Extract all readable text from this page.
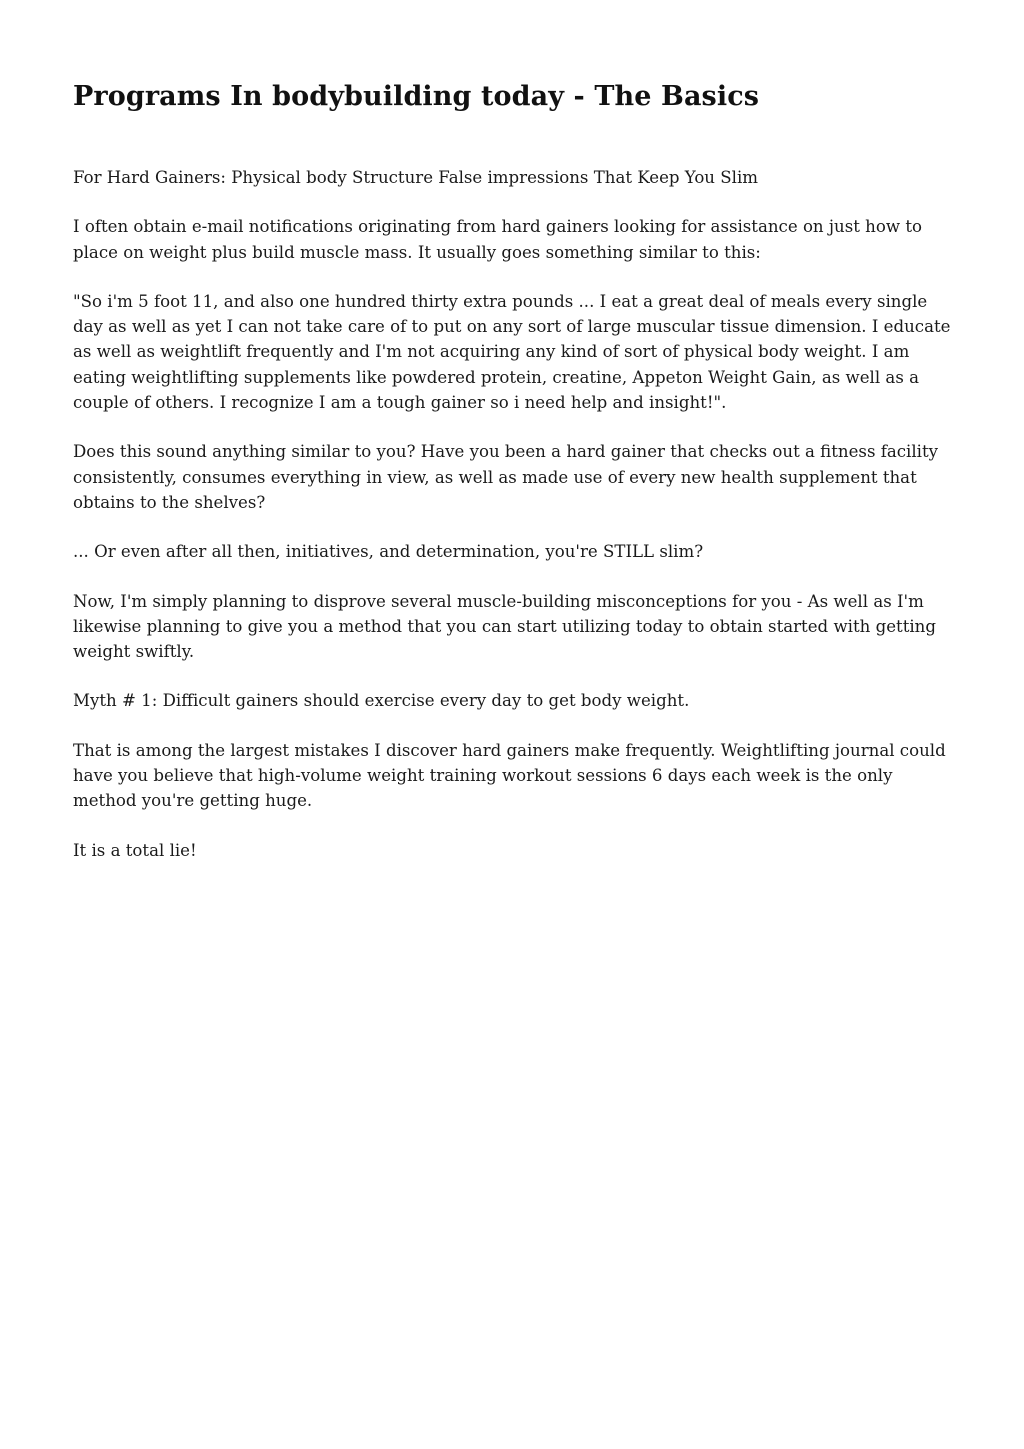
Programs In bodybuilding today - The Basics

For Hard Gainers: Physical body Structure False impressions That Keep You Slim

I often obtain e-mail notifications originating from hard gainers looking for assistance on just how to place on weight plus build muscle mass. It usually goes something similar to this:

"So i'm 5 foot 11, and also one hundred thirty extra pounds ... I eat a great deal of meals every single day as well as yet I can not take care of to put on any sort of large muscular tissue dimension. I educate as well as weightlift frequently and I'm not acquiring any kind of sort of physical body weight. I am eating weightlifting supplements like powdered protein, creatine, Appeton Weight Gain, as well as a couple of others. I recognize I am a tough gainer so i need help and insight!".

Does this sound anything similar to you? Have you been a hard gainer that checks out a fitness facility consistently, consumes everything in view, as well as made use of every new health supplement that obtains to the shelves?

... Or even after all then, initiatives, and determination, you're STILL slim?

Now, I'm simply planning to disprove several muscle-building misconceptions for you - As well as I'm likewise planning to give you a method that you can start utilizing today to obtain started with getting weight swiftly.

Myth # 1: Difficult gainers should exercise every day to get body weight.

That is among the largest mistakes I discover hard gainers make frequently. Weightlifting journal could have you believe that high-volume weight training workout sessions 6 days each week is the only method you're getting huge.

It is a total lie!
